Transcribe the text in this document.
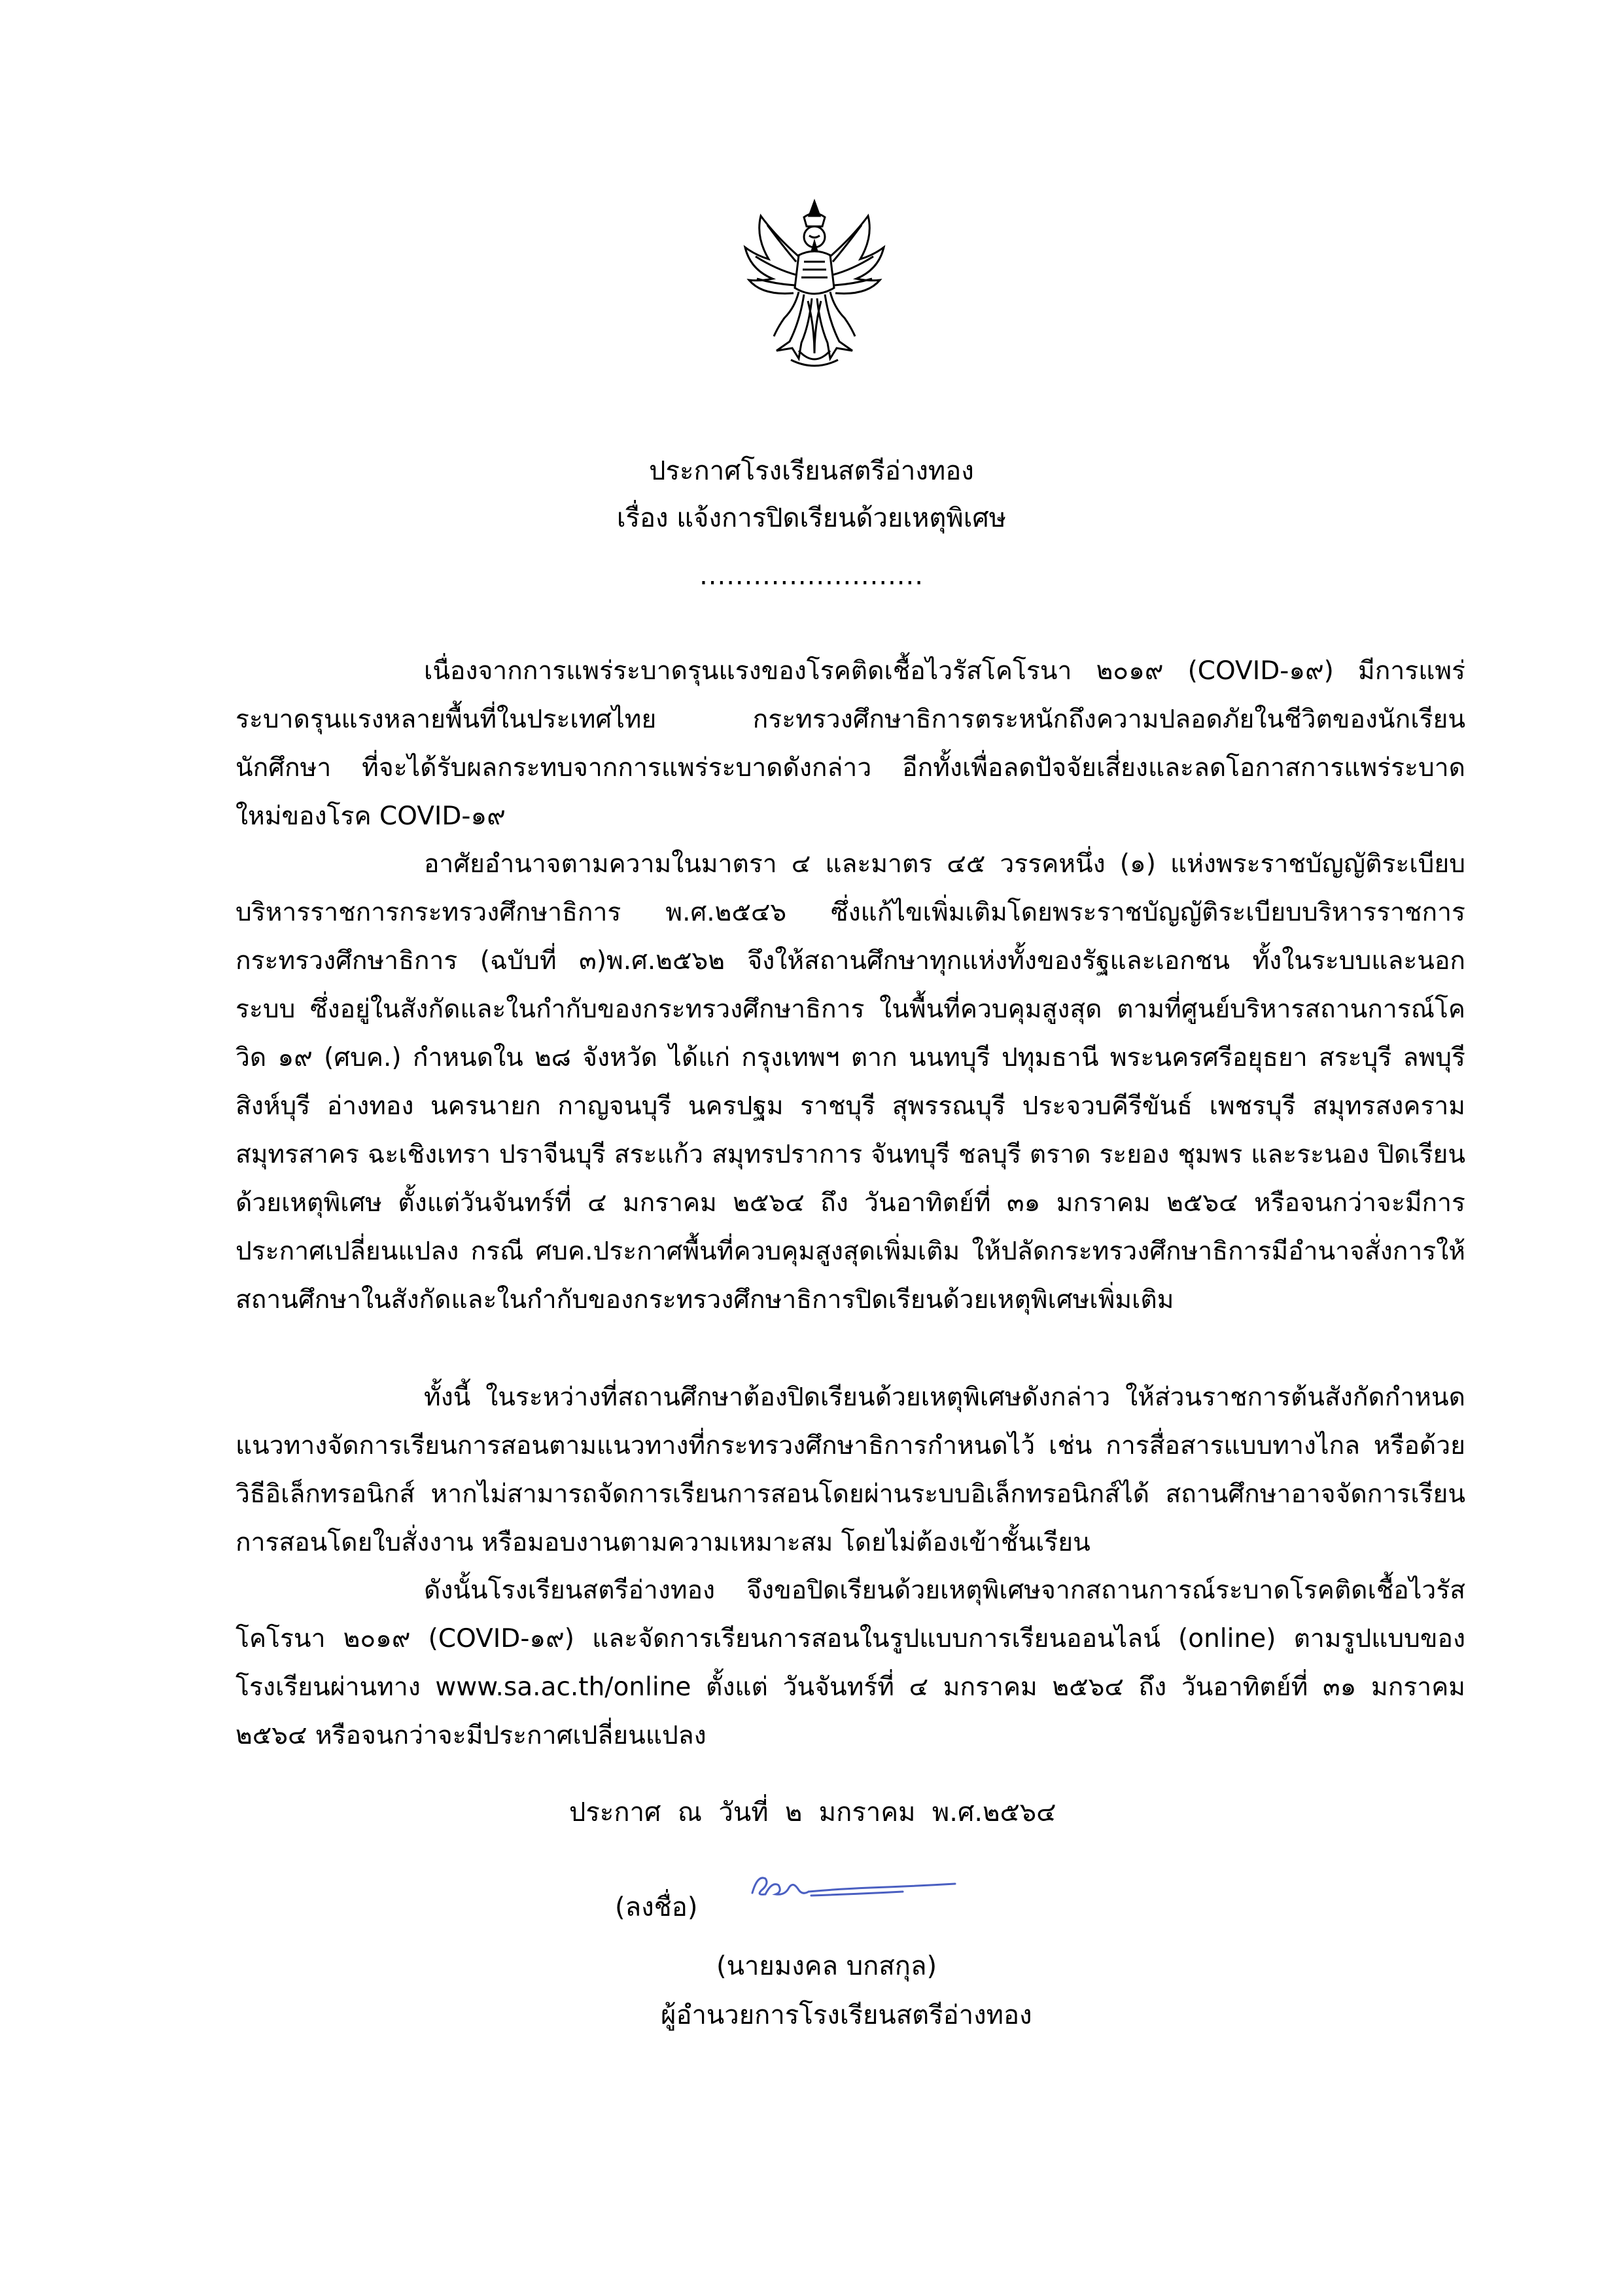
ประกาศโรงเรียนสตรีอ่างทอง
เรื่อง แจ้งการปิดเรียนด้วยเหตุพิเศษ
.........................

เนื่องจากการแพร่ระบาดรุนแรงของโรคติดเชื้อไวรัสโคโรนา ๒๐๑๙ (COVID-๑๙) มีการแพร่ระบาดรุนแรงหลายพื้นที่ในประเทศไทย กระทรวงศึกษาธิการตระหนักถึงความปลอดภัยในชีวิตของนักเรียนนักศึกษา ที่จะได้รับผลกระทบจากการแพร่ระบาดดังกล่าว อีกทั้งเพื่อลดปัจจัยเสี่ยงและลดโอกาสการแพร่ระบาดใหม่ของโรค COVID-๑๙

อาศัยอำนาจตามความในมาตรา ๔ และมาตร ๔๕ วรรคหนึ่ง (๑) แห่งพระราชบัญญัติระเบียบบริหารราชการกระทรวงศึกษาธิการ พ.ศ.๒๕๔๖ ซึ่งแก้ไขเพิ่มเติมโดยพระราชบัญญัติระเบียบบริหารราชการกระทรวงศึกษาธิการ (ฉบับที่ ๓)พ.ศ.๒๕๖๒ จึงให้สถานศึกษาทุกแห่งทั้งของรัฐและเอกชน ทั้งในระบบและนอกระบบ ซึ่งอยู่ในสังกัดและในกำกับของกระทรวงศึกษาธิการ ในพื้นที่ควบคุมสูงสุด ตามที่ศูนย์บริหารสถานการณ์โควิด ๑๙ (ศบค.) กำหนดใน ๒๘ จังหวัด ได้แก่ กรุงเทพฯ ตาก นนทบุรี ปทุมธานี พระนครศรีอยุธยา สระบุรี ลพบุรี สิงห์บุรี อ่างทอง นครนายก กาญจนบุรี นครปฐม ราชบุรี สุพรรณบุรี ประจวบคีรีขันธ์ เพชรบุรี สมุทรสงคราม สมุทรสาคร ฉะเชิงเทรา ปราจีนบุรี สระแก้ว สมุทรปราการ จันทบุรี ชลบุรี ตราด ระยอง ชุมพร และระนอง ปิดเรียนด้วยเหตุพิเศษ ตั้งแต่วันจันทร์ที่ ๔ มกราคม ๒๕๖๔ ถึง วันอาทิตย์ที่ ๓๑ มกราคม ๒๕๖๔ หรือจนกว่าจะมีการประกาศเปลี่ยนแปลง กรณี ศบค.ประกาศพื้นที่ควบคุมสูงสุดเพิ่มเติม ให้ปลัดกระทรวงศึกษาธิการมีอำนาจสั่งการให้สถานศึกษาในสังกัดและในกำกับของกระทรวงศึกษาธิการปิดเรียนด้วยเหตุพิเศษเพิ่มเติม

ทั้งนี้ ในระหว่างที่สถานศึกษาต้องปิดเรียนด้วยเหตุพิเศษดังกล่าว ให้ส่วนราชการต้นสังกัดกำหนดแนวทางจัดการเรียนการสอนตามแนวทางที่กระทรวงศึกษาธิการกำหนดไว้ เช่น การสื่อสารแบบทางไกล หรือด้วยวิธีอิเล็กทรอนิกส์ หากไม่สามารถจัดการเรียนการสอนโดยผ่านระบบอิเล็กทรอนิกส์ได้ สถานศึกษาอาจจัดการเรียนการสอนโดยใบสั่งงาน หรือมอบงานตามความเหมาะสม โดยไม่ต้องเข้าชั้นเรียน

ดังนั้นโรงเรียนสตรีอ่างทอง จึงขอปิดเรียนด้วยเหตุพิเศษจากสถานการณ์ระบาดโรคติดเชื้อไวรัสโคโรนา ๒๐๑๙ (COVID-๑๙) และจัดการเรียนการสอนในรูปแบบการเรียนออนไลน์ (online) ตามรูปแบบของโรงเรียนผ่านทาง www.sa.ac.th/online ตั้งแต่ วันจันทร์ที่ ๔ มกราคม ๒๕๖๔ ถึง วันอาทิตย์ที่ ๓๑ มกราคม ๒๕๖๔ หรือจนกว่าจะมีประกาศเปลี่ยนแปลง

ประกาศ  ณ  วันที่  ๒  มกราคม  พ.ศ.๒๕๖๔
(ลงชื่อ)
(นายมงคล บกสกุล)
ผู้อำนวยการโรงเรียนสตรีอ่างทอง
